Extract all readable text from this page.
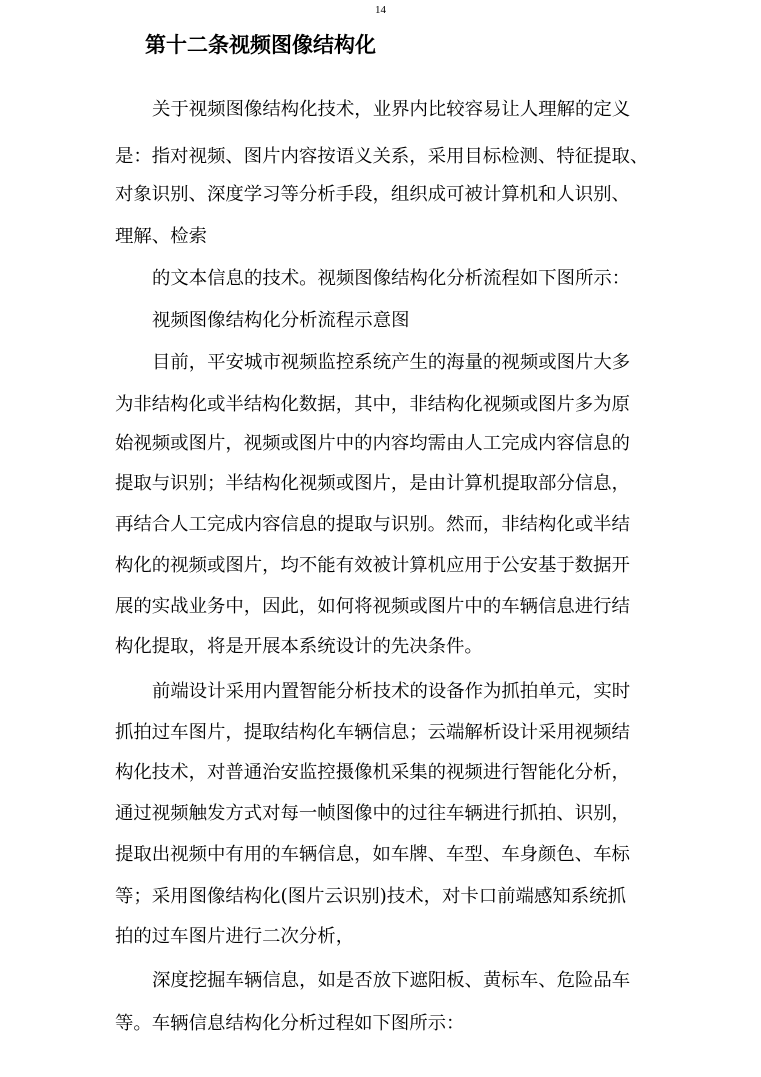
14
第十二条视频图像结构化
关于视频图像结构化技术，业界内比较容易让人理解的定义
是：指对视频、图片内容按语义关系，采用目标检测、特征提取、
对象识别、深度学习等分析手段，组织成可被计算机和人识别、
理解、检索
的文本信息的技术。视频图像结构化分析流程如下图所示：
视频图像结构化分析流程示意图
目前，平安城市视频监控系统产生的海量的视频或图片大多
为非结构化或半结构化数据，其中，非结构化视频或图片多为原
始视频或图片，视频或图片中的内容均需由人工完成内容信息的
提取与识别；半结构化视频或图片，是由计算机提取部分信息，
再结合人工完成内容信息的提取与识别。然而，非结构化或半结
构化的视频或图片，均不能有效被计算机应用于公安基于数据开
展的实战业务中，因此，如何将视频或图片中的车辆信息进行结
构化提取，将是开展本系统设计的先决条件。
前端设计采用内置智能分析技术的设备作为抓拍单元，实时
抓拍过车图片，提取结构化车辆信息；云端解析设计采用视频结
构化技术，对普通治安监控摄像机采集的视频进行智能化分析，
通过视频触发方式对每一帧图像中的过往车辆进行抓拍、识别，
提取出视频中有用的车辆信息，如车牌、车型、车身颜色、车标
等；采用图像结构化(图片云识别)技术，对卡口前端感知系统抓
拍的过车图片进行二次分析，
深度挖掘车辆信息，如是否放下遮阳板、黄标车、危险品车
等。车辆信息结构化分析过程如下图所示：
